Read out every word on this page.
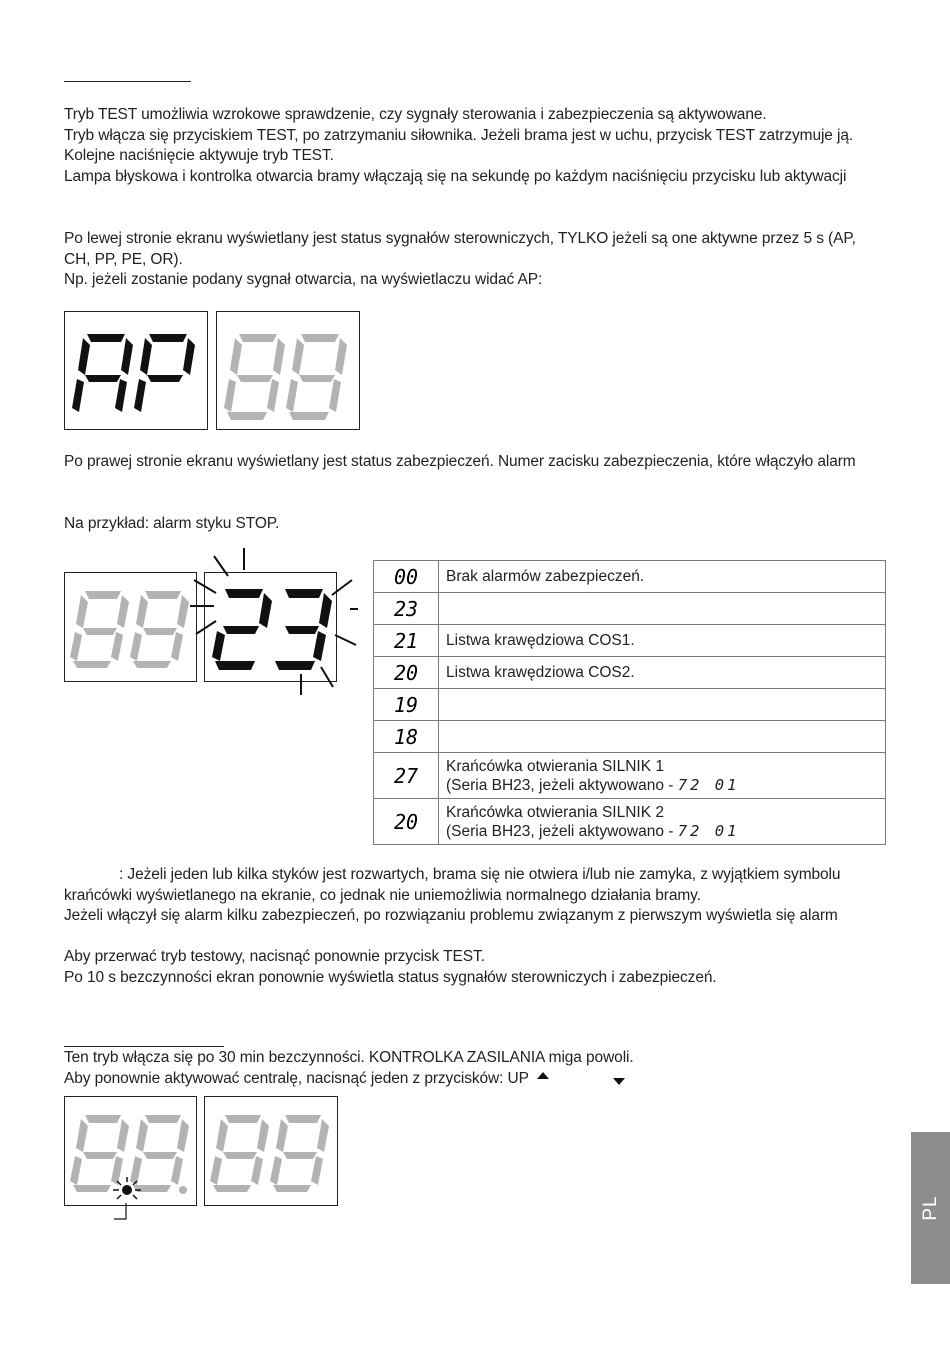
Tryb TEST umożliwia wzrokowe sprawdzenie, czy sygnały sterowania i zabezpieczenia są aktywowane.
Tryb włącza się przyciskiem TEST, po zatrzymaniu siłownika. Jeżeli brama jest w uchu, przycisk TEST zatrzymuje ją.
Kolejne naciśnięcie aktywuje tryb TEST.
Lampa błyskowa i kontrolka otwarcia bramy włączają się na sekundę po każdym naciśnięciu przycisku lub aktywacji
Po lewej stronie ekranu wyświetlany jest status sygnałów sterowniczych, TYLKO jeżeli są one aktywne przez 5 s (AP,
CH, PP, PE, OR).
Np. jeżeli zostanie podany sygnał otwarcia, na wyświetlaczu widać AP:
Po prawej stronie ekranu wyświetlany jest status zabezpieczeń. Numer zacisku zabezpieczenia, które włączyło alarm
Na przykład: alarm styku STOP.
00	Brak alarmów zabezpieczeń.

23	

21	Listwa krawędziowa COS1.

20	Listwa krawędziowa COS2.

19	

18	

27	Krańcówka otwierania SILNIK 1
(Seria BH23, jeżeli aktywowano - 72 01

20	Krańcówka otwierania SILNIK 2
(Seria BH23, jeżeli aktywowano - 72 01
: Jeżeli jeden lub kilka styków jest rozwartych, brama się nie otwiera i/lub nie zamyka, z wyjątkiem symbolu
krańcówki wyświetlanego na ekranie, co jednak nie uniemożliwia normalnego działania bramy.
Jeżeli włączył się alarm kilku zabezpieczeń, po rozwiązaniu problemu związanym z pierwszym wyświetla się alarm
Aby przerwać tryb testowy, nacisnąć ponownie przycisk TEST.
Po 10 s bezczynności ekran ponownie wyświetla status sygnałów sterowniczych i zabezpieczeń.
Ten tryb włącza się po 30 min bezczynności. KONTROLKA ZASILANIA miga powoli.
Aby ponownie aktywować centralę, nacisnąć jeden z przycisków: UP
PL
